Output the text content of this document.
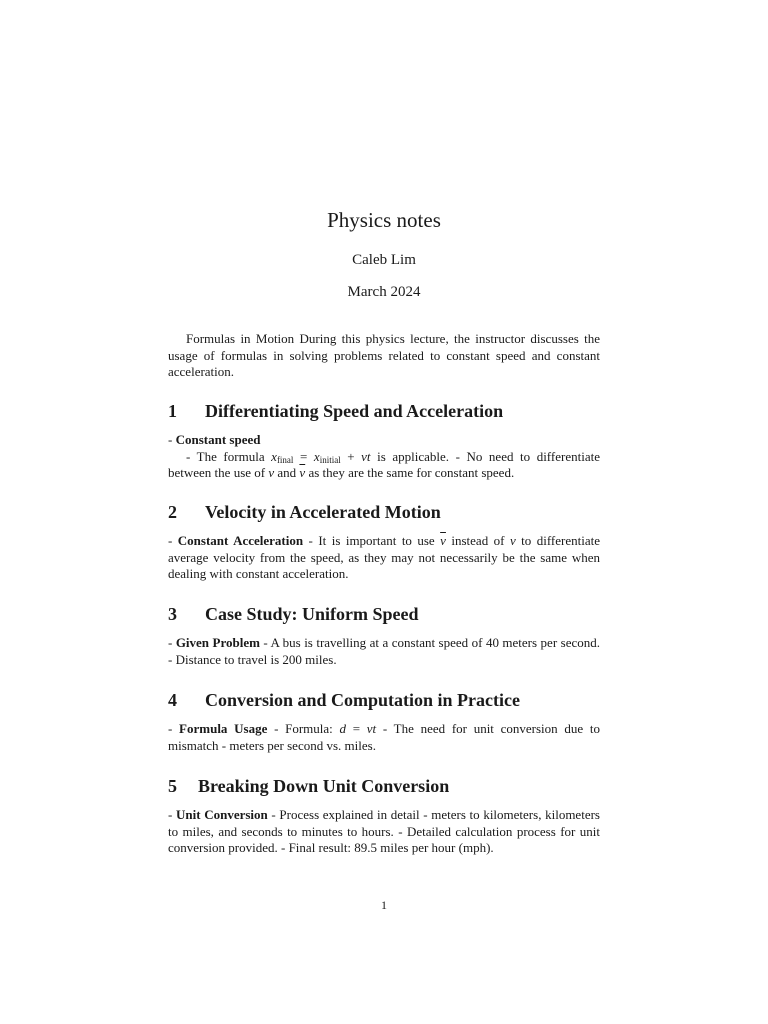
Physics notes
Caleb Lim
March 2024

Formulas in Motion During this physics lecture, the instructor discusses the usage of formulas in solving problems related to constant speed and constant acceleration.

1	Differentiating Speed and Acceleration

- Constant speed

- The formula $x_{final} = x_{initial}$ + vt is applicable. - No need to differentiate between the use of v and $\overline{v}$ as they are the same for constant speed.

2	Velocity in Accelerated Motion

- Constant Acceleration - It is important to use $\overline{v}$ instead of v to differentiate average velocity from the speed, as they may not necessarily be the same when dealing with constant acceleration.

3	Case Study: Uniform Speed

- Given Problem - A bus is travelling at a constant speed of 40 meters per second. - Distance to travel is 200 miles.

4	Conversion and Computation in Practice

- Formula Usage - Formula: d = vt - The need for unit conversion due to mismatch - meters per second vs. miles.

5	Breaking Down Unit Conversion

- Unit Conversion - Process explained in detail - meters to kilometers, kilometers to miles, and seconds to minutes to hours. - Detailed calculation process for unit conversion provided. - Final result: 89.5 miles per hour (mph).

1
